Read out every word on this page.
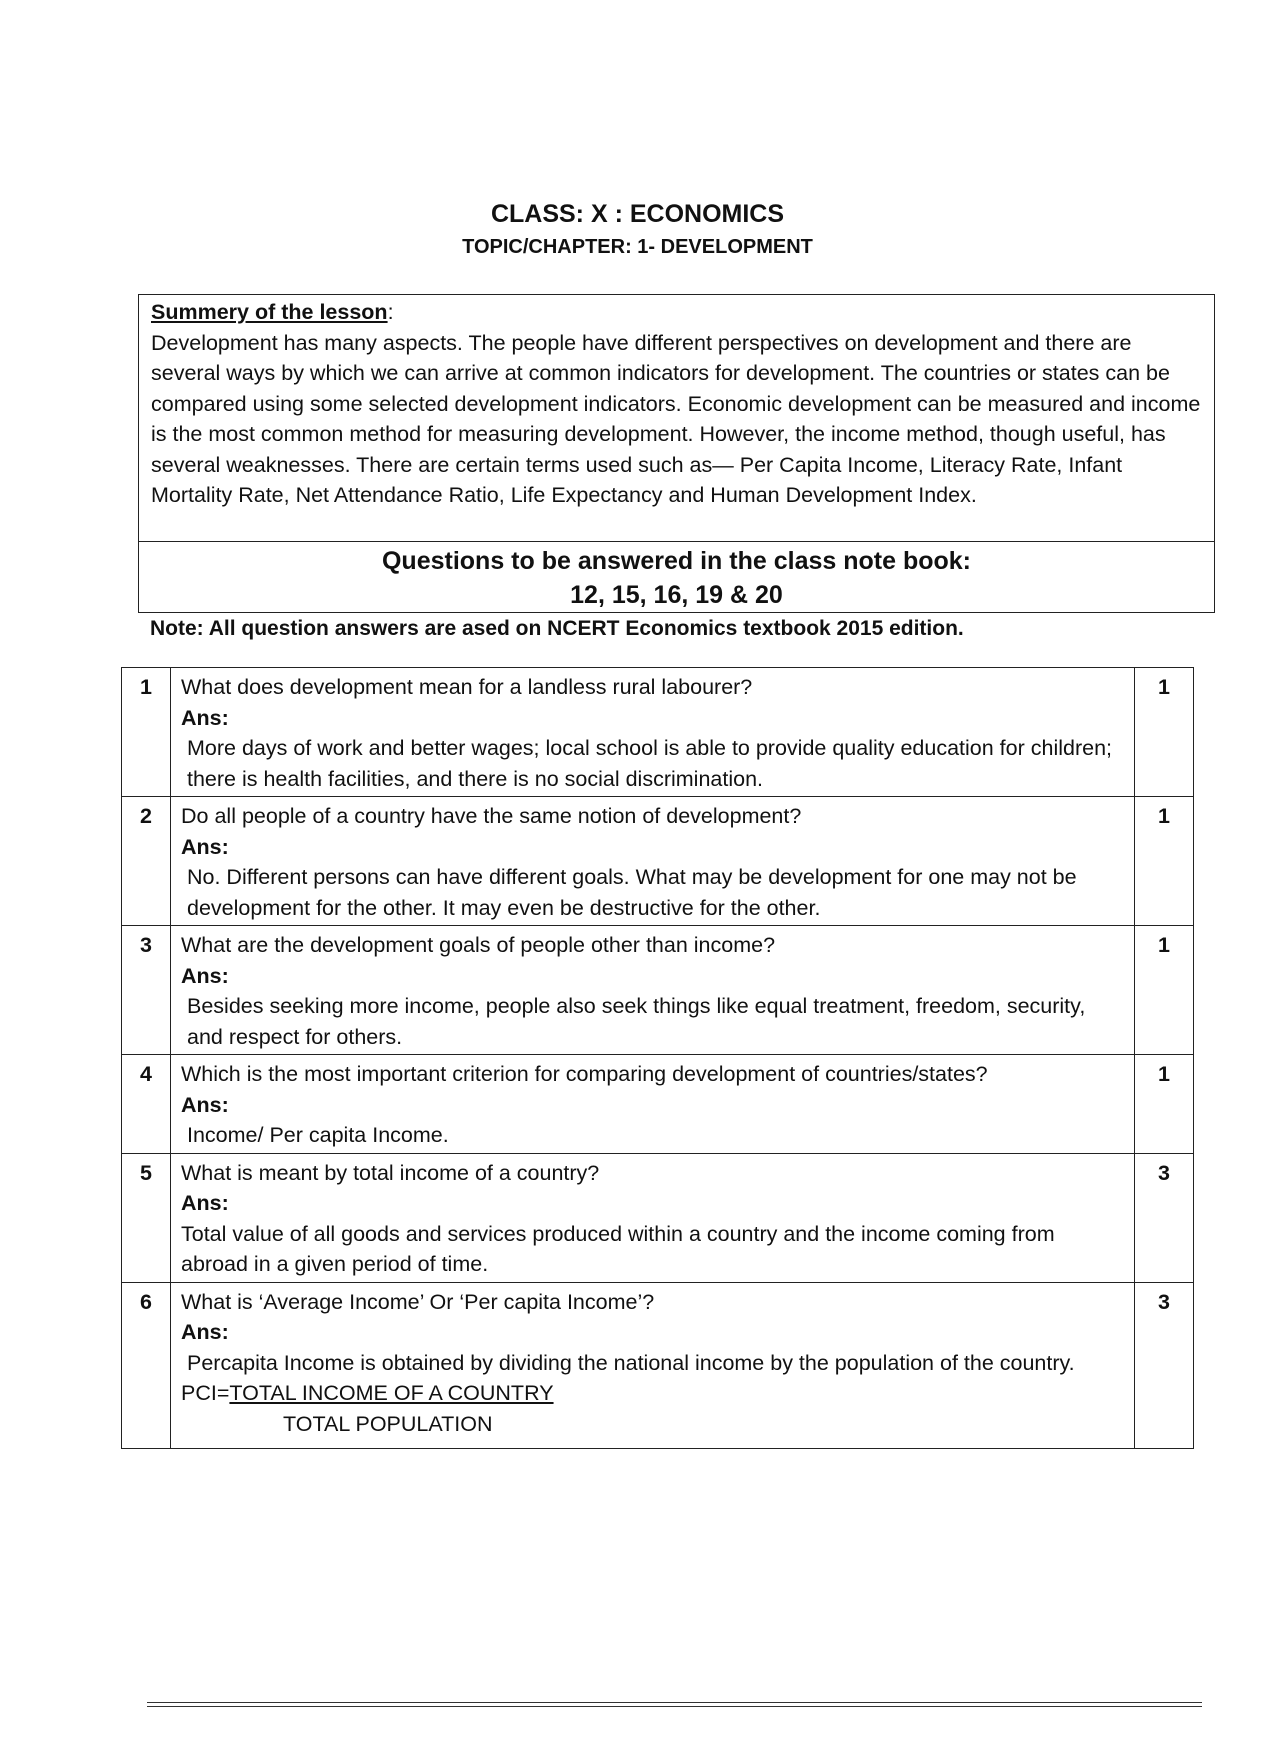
CLASS: X : ECONOMICS
TOPIC/CHAPTER: 1- DEVELOPMENT
Summery of the lesson:
Development has many aspects. The people have different perspectives on development and there are several ways by which we can arrive at common indicators for development. The countries or states can be compared using some selected development indicators. Economic development can be measured and income is the most common method for measuring development. However, the income method, though useful, has several weaknesses. There are certain terms used such as— Per Capita Income, Literacy Rate, Infant Mortality Rate, Net Attendance Ratio, Life Expectancy and Human Development Index.
Questions to be answered in the class note book:
12, 15, 16, 19 & 20
Note: All question answers are ased on NCERT Economics textbook 2015 edition.
1	What does development mean for a landless rural labourer?
Ans:
More days of work and better wages; local school is able to provide quality education for children; there is health facilities, and there is no social discrimination.	1
2	Do all people of a country have the same notion of development?
Ans:
No. Different persons can have different goals. What may be development for one may not be development for the other. It may even be destructive for the other.	1
3	What are the development goals of people other than income?
Ans:
Besides seeking more income, people also seek things like equal treatment, freedom, security, and respect for others.	1
4	Which is the most important criterion for comparing development of countries/states?
Ans:
Income/ Per capita Income.	1
5	What is meant by total income of a country?
Ans:
Total value of all goods and services produced within a country and the income coming from abroad in a given period of time.	3
6	What is ‘Average Income’ Or ‘Per capita Income’?
Ans:
Percapita Income is obtained by dividing the national income by the population of the country.
PCI=TOTAL INCOME OF A COUNTRY
TOTAL POPULATION	3
